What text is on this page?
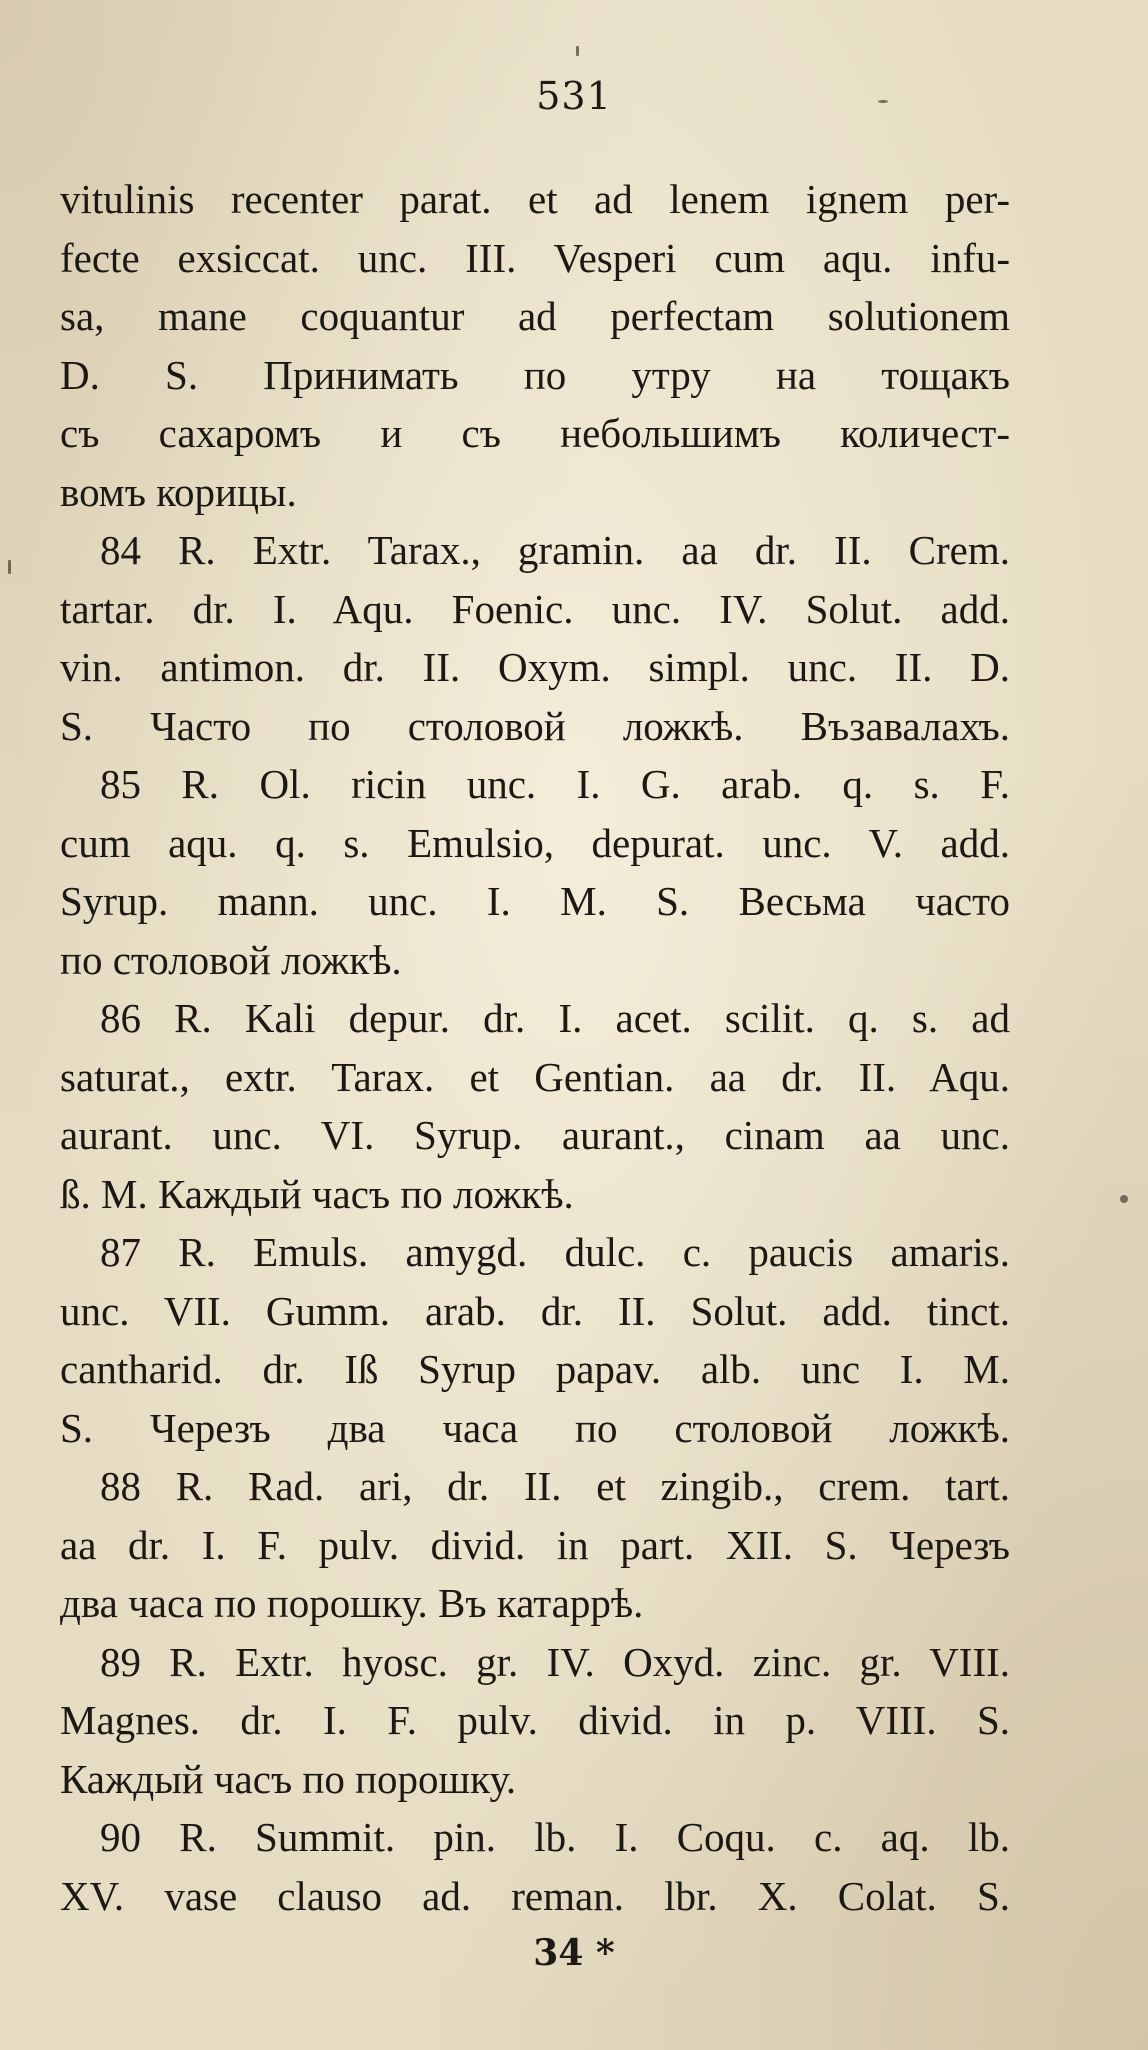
531
vitulinis recenter parat. et ad lenem ignem per-
fecte exsiccat. unc. III. Vesperi cum aqu. infu-
sa, mane coquantur ad perfectam solutionem
D. S. Принимать по утру на тощакъ
съ сахаромъ и съ небольшимъ количест-
вомъ корицы.
84 R. Extr. Tarax., gramin. aa dr. II. Crem.
tartar. dr. I. Aqu. Foenic. unc. IV. Solut. add.
vin. antimon. dr. II. Oxym. simpl. unc. II. D.
S. Часто по столовой ложкѣ. Възавалахъ.
85 R. Ol. ricin unc. I. G. arab. q. s. F.
cum aqu. q. s. Emulsio, depurat. unc. V. add.
Syrup. mann. unc. I. M. S. Весьма часто
по столовой ложкѣ.
86 R. Kali depur. dr. I. acet. scilit. q. s. ad
saturat., extr. Tarax. et Gentian. aa dr. II. Aqu.
aurant. unc. VI. Syrup. aurant., cinam aa unc.
ß. M. Каждый часъ по ложкѣ.
87 R. Emuls. amygd. dulc. c. paucis amaris.
unc. VII. Gumm. arab. dr. II. Solut. add. tinct.
cantharid. dr. Iß Syrup papav. alb. unc I. M.
S. Черезъ два часа по столовой ложкѣ.
88 R. Rad. ari, dr. II. et zingib., crem. tart.
aa dr. I. F. pulv. divid. in part. XII. S. Черезъ
два часа по порошку. Въ катаррѣ.
89 R. Extr. hyosc. gr. IV. Oxyd. zinc. gr. VIII.
Magnes. dr. I. F. pulv. divid. in p. VIII. S.
Каждый часъ по порошку.
90 R. Summit. pin. lb. I. Coqu. c. aq. lb.
XV. vase clauso ad. reman. lbr. X. Colat. S.
34 *
